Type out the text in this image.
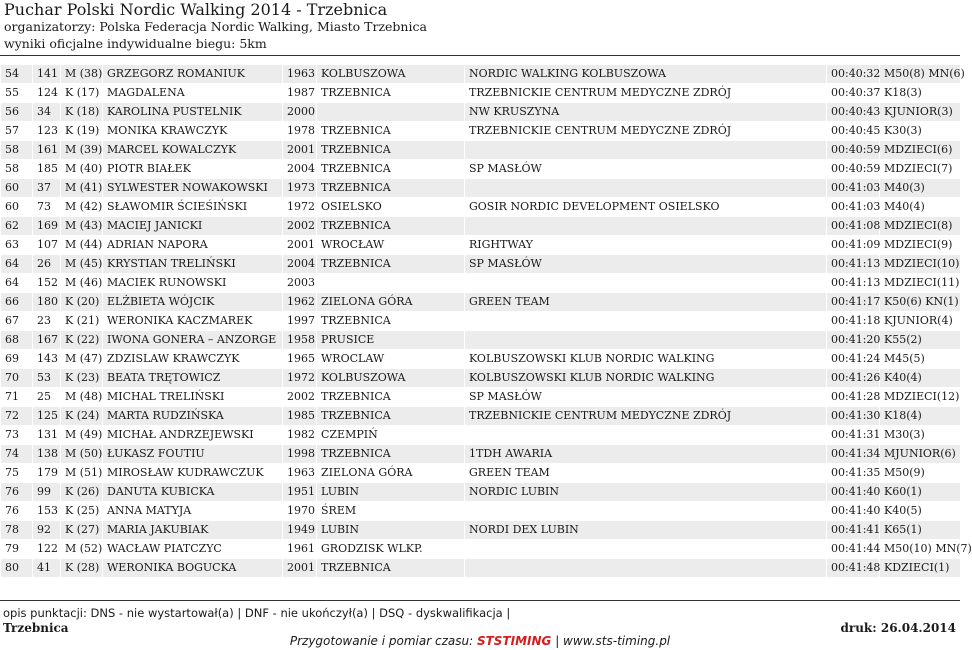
Puchar Polski Nordic Walking 2014 - Trzebnica
organizatorzy: Polska Federacja Nordic Walking, Miasto Trzebnica
wyniki oficjalne indywidualne biegu: 5km
54	141	M (38)	GRZEGORZ ROMANIUK	1963	KOLBUSZOWA	NORDIC WALKING KOLBUSZOWA	00:40:32	M50(8) MN(6)
55	124	K (17)	MAGDALENA	1987	TRZEBNICA	TRZEBNICKIE CENTRUM MEDYCZNE ZDRÓJ	00:40:37	K18(3)
56	34	K (18)	KAROLINA PUSTELNIK	2000		NW KRUSZYNA	00:40:43	KJUNIOR(3)
57	123	K (19)	MONIKA KRAWCZYK	1978	TRZEBNICA	TRZEBNICKIE CENTRUM MEDYCZNE ZDRÓJ	00:40:45	K30(3)
58	161	M (39)	MARCEL KOWALCZYK	2001	TRZEBNICA		00:40:59	MDZIECI(6)
58	185	M (40)	PIOTR BIAŁEK	2004	TRZEBNICA	SP MASŁÓW	00:40:59	MDZIECI(7)
60	37	M (41)	SYLWESTER NOWAKOWSKI	1973	TRZEBNICA		00:41:03	M40(3)
60	73	M (42)	SŁAWOMIR ŚCIEŚIŃSKI	1972	OSIELSKO	GOSIR NORDIC DEVELOPMENT OSIELSKO	00:41:03	M40(4)
62	169	M (43)	MACIEJ JANICKI	2002	TRZEBNICA		00:41:08	MDZIECI(8)
63	107	M (44)	ADRIAN NAPORA	2001	WROCŁAW	RIGHTWAY	00:41:09	MDZIECI(9)
64	26	M (45)	KRYSTIAN TRELIŃSKI	2004	TRZEBNICA	SP MASŁÓW	00:41:13	MDZIECI(10)
64	152	M (46)	MACIEK RUNOWSKI	2003			00:41:13	MDZIECI(11)
66	180	K (20)	ELŻBIETA WÓJCIK	1962	ZIELONA GÓRA	GREEN TEAM	00:41:17	K50(6) KN(1)
67	23	K (21)	WERONIKA KACZMAREK	1997	TRZEBNICA		00:41:18	KJUNIOR(4)
68	167	K (22)	IWONA GONERA – ANZORGE	1958	PRUSICE		00:41:20	K55(2)
69	143	M (47)	ZDZISLAW KRAWCZYK	1965	WROCLAW	KOLBUSZOWSKI KLUB NORDIC WALKING	00:41:24	M45(5)
70	53	K (23)	BEATA TRĘTOWICZ	1972	KOLBUSZOWA	KOLBUSZOWSKI KLUB NORDIC WALKING	00:41:26	K40(4)
71	25	M (48)	MICHAL TRELIŃSKI	2002	TRZEBNICA	SP MASŁÓW	00:41:28	MDZIECI(12)
72	125	K (24)	MARTA RUDZIŃSKA	1985	TRZEBNICA	TRZEBNICKIE CENTRUM MEDYCZNE ZDRÓJ	00:41:30	K18(4)
73	131	M (49)	MICHAŁ ANDRZEJEWSKI	1982	CZEMPIŃ		00:41:31	M30(3)
74	138	M (50)	ŁUKASZ FOUTIU	1998	TRZEBNICA	1TDH AWARIA	00:41:34	MJUNIOR(6)
75	179	M (51)	MIROSŁAW KUDRAWCZUK	1963	ZIELONA GÓRA	GREEN TEAM	00:41:35	M50(9)
76	99	K (26)	DANUTA KUBICKA	1951	LUBIN	NORDIC LUBIN	00:41:40	K60(1)
76	153	K (25)	ANNA MATYJA	1970	ŚREM		00:41:40	K40(5)
78	92	K (27)	MARIA JAKUBIAK	1949	LUBIN	NORDI DEX LUBIN	00:41:41	K65(1)
79	122	M (52)	WACŁAW PIATCZYC	1961	GRODZISK WLKP.		00:41:44	M50(10) MN(7)
80	41	K (28)	WERONIKA BOGUCKA	2001	TRZEBNICA		00:41:48	KDZIECI(1)
opis punktacji: DNS - nie wystartował(a) | DNF - nie ukończył(a) | DSQ - dyskwalifikacja |
Trzebnica
Przygotowanie i pomiar czasu: STSTIMING | www.sts-timing.pl
druk: 26.04.2014
